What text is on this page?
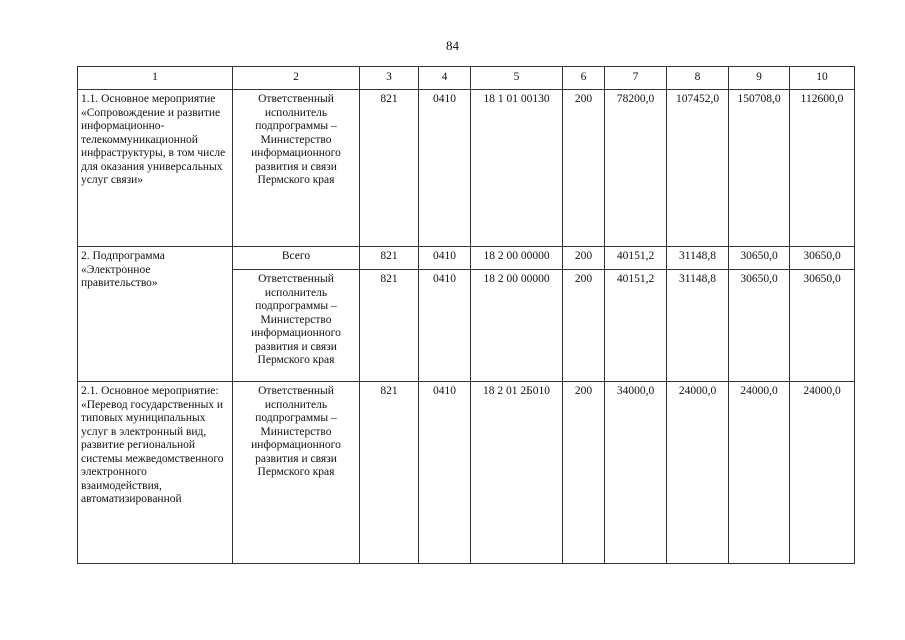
84
1	2	3	4	5	6	7	8	9	10
1.1. Основное мероприятие «Сопровождение и развитие информационно-телекоммуникационной инфраструктуры, в том числе для оказания универсальных услуг связи»	Ответственный исполнитель подпрограммы – Министерство информационного развития и связи Пермского края	821	0410	18 1 01 00130	200	78200,0	107452,0	150708,0	112600,0
2. Подпрограмма «Электронное правительство»	Всего	821	0410	18 2 00 00000	200	40151,2	31148,8	30650,0	30650,0
	Ответственный исполнитель подпрограммы – Министерство информационного развития и связи Пермского края	821	0410	18 2 00 00000	200	40151,2	31148,8	30650,0	30650,0
2.1. Основное мероприятие: «Перевод государственных и типовых муниципальных услуг в электронный вид, развитие региональной системы межведомственного электронного взаимодействия, автоматизированной	Ответственный исполнитель подпрограммы – Министерство информационного развития и связи Пермского края	821	0410	18 2 01 2Б010	200	34000,0	24000,0	24000,0	24000,0
